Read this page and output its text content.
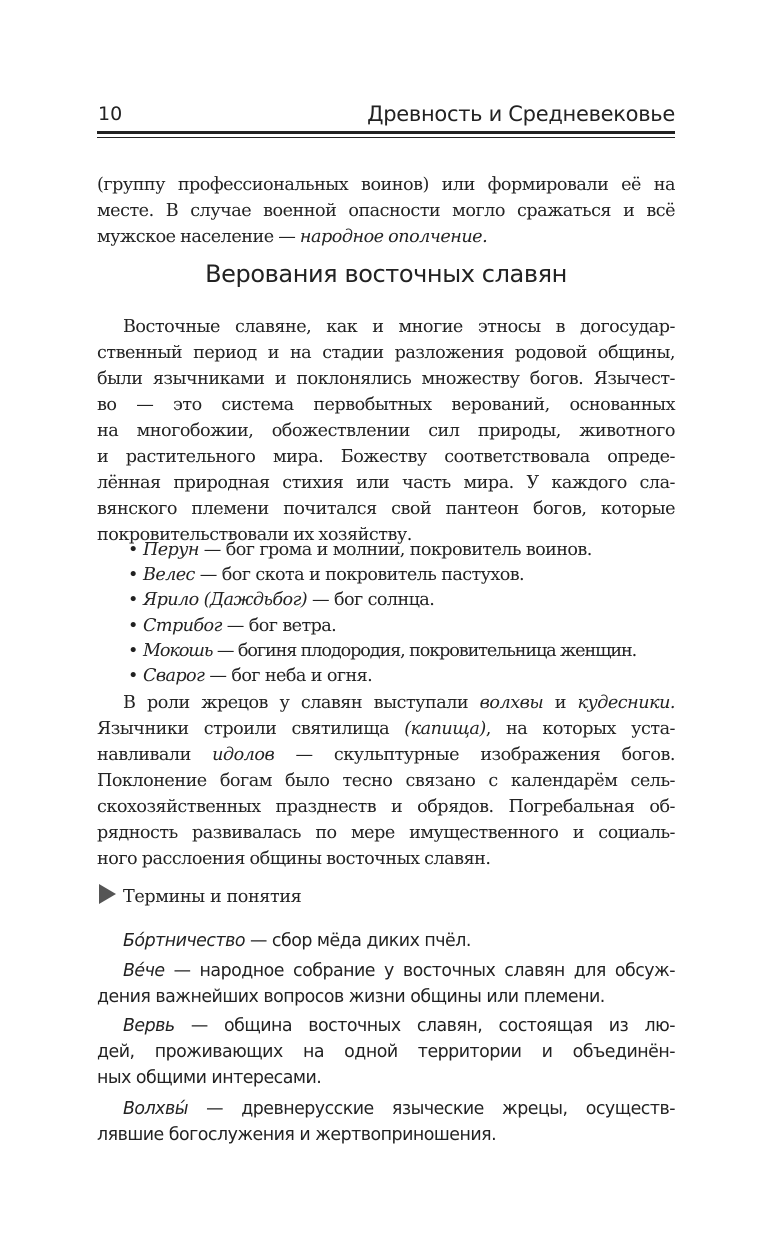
10	Древность и Средневековье
(группу профессиональных воинов) или формировали её на
месте. В случае военной опасности могло сражаться и всё
мужское население — народное ополчение.
Верования восточных славян
Восточные славяне, как и многие этносы в догосудар-
ственный период и на стадии разложения родовой общины,
были язычниками и поклонялись множеству богов. Язычест-
во — это система первобытных верований, основанных
на многобожии, обожествлении сил природы, животного
и растительного мира. Божеству соответствовала опреде-
лённая природная стихия или часть мира. У каждого сла-
вянского племени почитался свой пантеон богов, которые
покровительствовали их хозяйству.
• Перун — бог грома и молнии, покровитель воинов.
• Велес — бог скота и покровитель пастухов.
• Ярило (Даждьбог) — бог солнца.
• Стрибог — бог ветра.
• Мокошь — богиня плодородия, покровительница женщин.
• Сварог — бог неба и огня.
В роли жрецов у славян выступали волхвы и кудесники.
Язычники строили святилища (капища), на которых уста-
навливали идолов — скульптурные изображения богов.
Поклонение богам было тесно связано с календарём сель-
скохозяйственных празднеств и обрядов. Погребальная об-
рядность развивалась по мере имущественного и социаль-
ного расслоения общины восточных славян.
Термины и понятия
Бо́ртничество — сбор мёда диких пчёл.
Ве́че — народное собрание у восточных славян для обсуж-
дения важнейших вопросов жизни общины или племени.
Вервь — община восточных славян, состоящая из лю-
дей, проживающих на одной территории и объединён-
ных общими интересами.
Волхвы́ — древнерусские языческие жрецы, осуществ-
лявшие богослужения и жертвоприношения.
